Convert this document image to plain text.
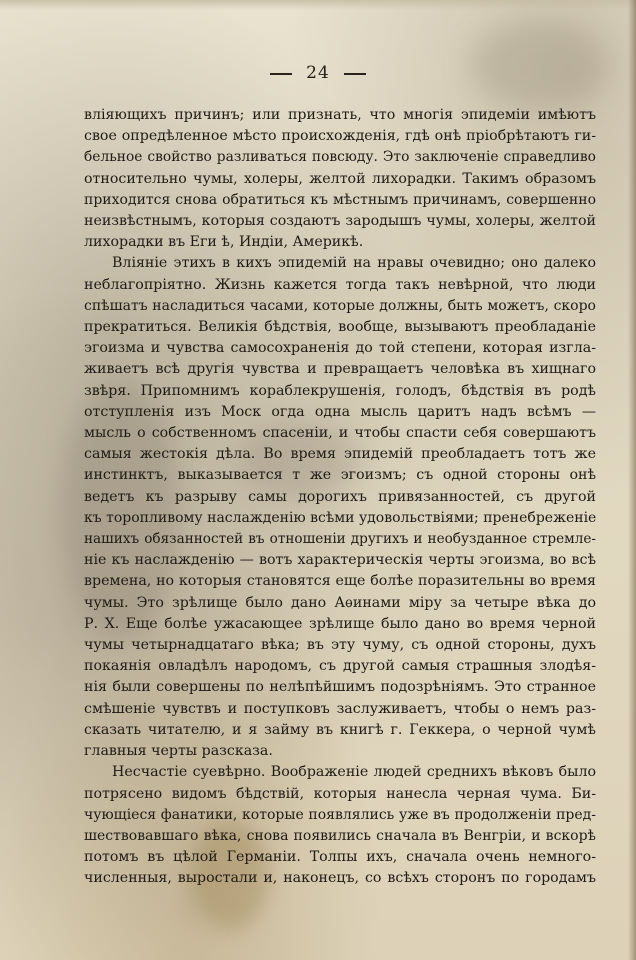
24

вліяющихъ причинъ; или признать, что многія эпидеміи имѣютъ
свое опредѣленное мѣсто происхожденія, гдѣ онѣ пріобрѣтаютъ ги-
бельное свойство разливаться повсюду. Это заключеніе справедливо
относительно чумы, холеры, желтой лихорадки. Такимъ образомъ
приходится снова обратиться къ мѣстнымъ причинамъ, совершенно
неизвѣстнымъ, которыя создаютъ зародышъ чумы, холеры, желтой
лихорадки въ Еги ѣ, Индіи, Америкѣ.

Вліяніе этихъ в кихъ эпидемій на нравы очевидно; оно далеко
неблагопріятно. Жизнь кажется тогда такъ невѣрной, что люди
спѣшатъ насладиться часами, которые должны, быть можетъ, скоро
прекратиться. Великія бѣдствія, вообще, вызываютъ преобладаніе
эгоизма и чувства самосохраненія до той степени, которая изгла-
живаетъ всѣ другія чувства и превращаетъ человѣка въ хищнаго
звѣря. Припомнимъ кораблекрушенія, голодъ, бѣдствія въ родѣ
отступленія изъ Моск огда одна мысль царитъ надъ всѣмъ —
мысль о собственномъ спасеніи, и чтобы спасти себя совершаютъ
самыя жестокія дѣла. Во время эпидемій преобладаетъ тотъ же
инстинктъ, выказывается т же эгоизмъ; съ одной стороны онѣ
ведетъ къ разрыву самы дорогихъ привязанностей, съ другой
къ торопливому наслажденію всѣми удовольствіями; пренебреженіе
нашихъ обязанностей въ отношеніи другихъ и необузданное стремле-
ніе къ наслажденію — вотъ характерическія черты эгоизма, во всѣ
времена, но которыя становятся еще болѣе поразительны во время
чумы. Это зрѣлище было дано Аѳинами міру за четыре вѣка до
Р. Х. Еще болѣе ужасающее зрѣлище было дано во время черной
чумы четырнадцатаго вѣка; въ эту чуму, съ одной стороны, духъ
покаянія овладѣлъ народомъ, съ другой самыя страшныя злодѣя-
нія были совершены по нелѣпѣйшимъ подозрѣніямъ. Это странное
смѣшеніе чувствъ и поступковъ заслуживаетъ, чтобы о немъ раз-
сказать читателю, и я займу въ книгѣ г. Геккера, о черной чумѣ
главныя черты разсказа.

Несчастіе суевѣрно. Воображеніе людей среднихъ вѣковъ было
потрясено видомъ бѣдствій, которыя нанесла черная чума. Би-
чующіеся фанатики, которые появлялись уже въ продолженіи пред-
шествовавшаго вѣка, снова появились сначала въ Венгріи, и вскорѣ
потомъ въ цѣлой Германіи. Толпы ихъ, сначала очень немного-
численныя, выростали и, наконецъ, со всѣхъ сторонъ по городамъ
